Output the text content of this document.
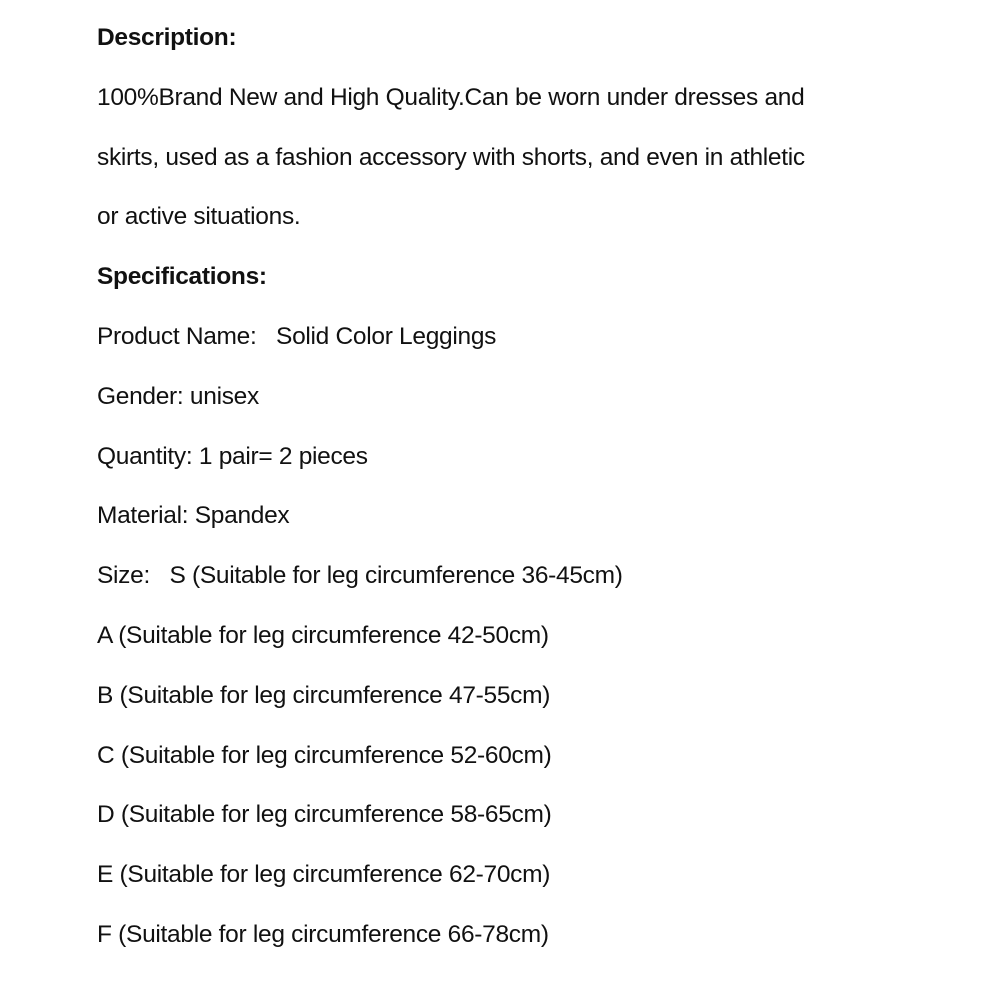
Description:
100%Brand New and High Quality.Can be worn under dresses and
skirts, used as a fashion accessory with shorts, and even in athletic
or active situations.
Specifications:
Product Name:   Solid Color Leggings
Gender: unisex
Quantity: 1 pair= 2 pieces
Material: Spandex
Size:   S (Suitable for leg circumference 36-45cm)
A (Suitable for leg circumference 42-50cm)
B (Suitable for leg circumference 47-55cm)
C (Suitable for leg circumference 52-60cm)
D (Suitable for leg circumference 58-65cm)
E (Suitable for leg circumference 62-70cm)
F (Suitable for leg circumference 66-78cm)
